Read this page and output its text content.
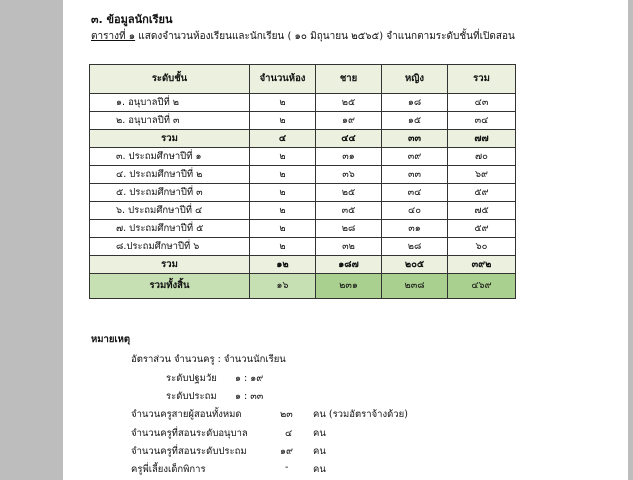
๓. ข้อมูลนักเรียน
ตารางที่ ๑ แสดงจำนวนห้องเรียนและนักเรียน ( ๑๐ มิถุนายน ๒๕๖๕) จำแนกตามระดับชั้นที่เปิดสอน
ระดับชั้น	จำนวนห้อง	ชาย	หญิง	รวม
๑. อนุบาลปีที่ ๒	๒	๒๕	๑๘	๔๓
๒. อนุบาลปีที่ ๓	๒	๑๙	๑๕	๓๔
รวม	๔	๔๔	๓๓	๗๗
๓. ประถมศึกษาปีที่ ๑	๒	๓๑	๓๙	๗๐
๔. ประถมศึกษาปีที่ ๒	๒	๓๖	๓๓	๖๙
๕. ประถมศึกษาปีที่ ๓	๒	๒๕	๓๔	๕๙
๖. ประถมศึกษาปีที่ ๔	๒	๓๕	๔๐	๗๕
๗. ประถมศึกษาปีที่ ๕	๒	๒๘	๓๑	๕๙
๘.ประถมศึกษาปีที่ ๖	๒	๓๒	๒๘	๖๐
รวม	๑๒	๑๘๗	๒๐๕	๓๙๒
รวมทั้งสิ้น	๑๖	๒๓๑	๒๓๘	๔๖๙
หมายเหตุ
อัตราส่วน จำนวนครู : จำนวนนักเรียน
ระดับปฐมวัย ๑ : ๑๙
ระดับประถม ๑ : ๓๓
จำนวนครูสายผู้สอนทั้งหมด	๒๓ คน (รวมอัตราจ้างด้วย)
จำนวนครูที่สอนระดับอนุบาล	๔ คน
จำนวนครูที่สอนระดับประถม	๑๙ คน
ครูพี่เลี้ยงเด็กพิการ	-	คน
